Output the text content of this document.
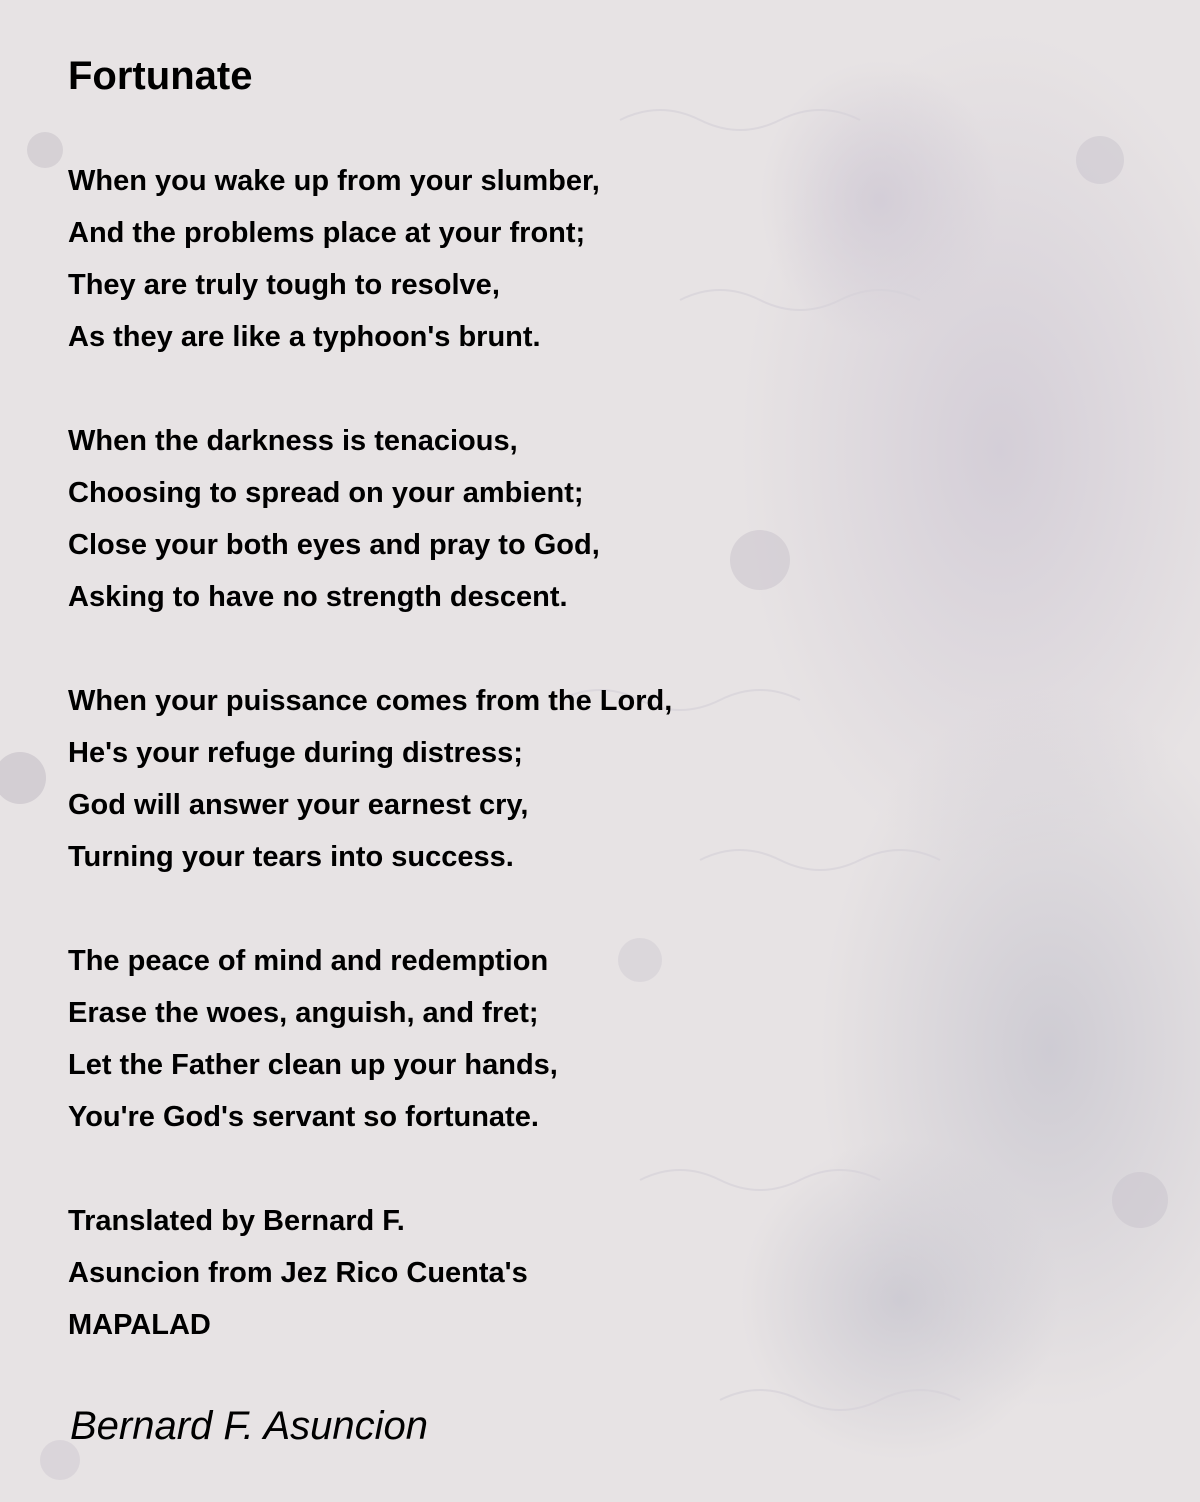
Fortunate
When you wake up from your slumber,
And the problems place at your front;
They are truly tough to resolve,
As they are like a typhoon's brunt.
When the darkness is tenacious,
Choosing to spread on your ambient;
Close your both eyes and pray to God,
Asking to have no strength descent.
When your puissance comes from the Lord,
He's your refuge during distress;
God will answer your earnest cry,
Turning your tears into success.
The peace of mind and redemption
Erase the woes, anguish, and fret;
Let the Father clean up your hands,
You're God's servant so fortunate.
Translated by Bernard F.
Asuncion from Jez Rico Cuenta's
MAPALAD
Bernard F. Asuncion
